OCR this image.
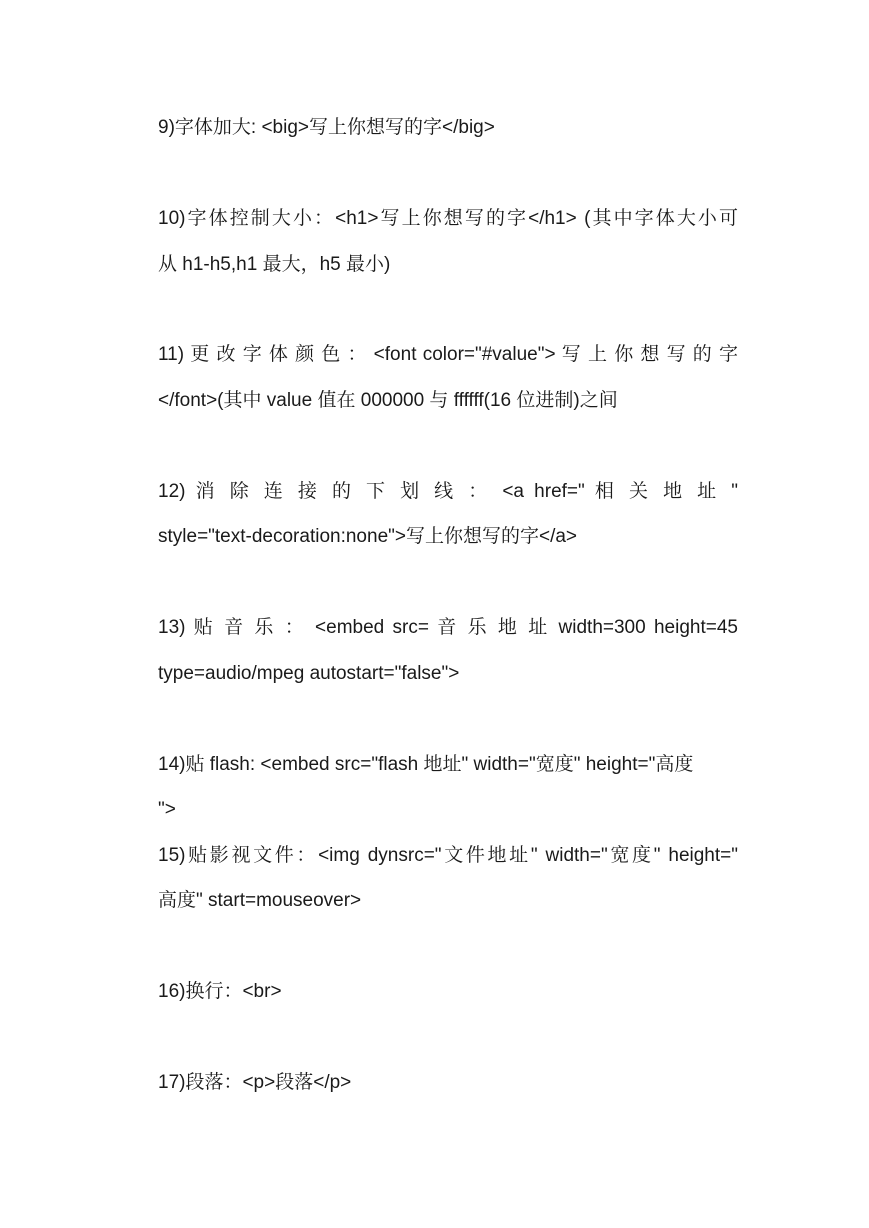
9)字体加大: <big>写上你想写的字</big>
10)字体控制大小：<h1>写上你想写的字</h1> (其中字体大小可
从 h1-h5,h1 最大，h5 最小)
11) 更 改 字 体 颜 色 ： <font color="#value"> 写 上 你 想 写 的 字
</font>(其中 value 值在 000000 与 ffffff(16 位进制)之间
12) 消 除 连 接 的 下 划 线 ： <a href=" 相 关 地 址 "
style="text-decoration:none">写上你想写的字</a>
13) 贴 音 乐 ： <embed src= 音 乐 地 址 width=300 height=45
type=audio/mpeg autostart="false">
14)贴 flash: <embed src="flash 地址" width="宽度" height="高度
">
15)贴影视文件：<img dynsrc="文件地址" width="宽度" height="
高度" start=mouseover>
16)换行：<br>
17)段落：<p>段落</p>
